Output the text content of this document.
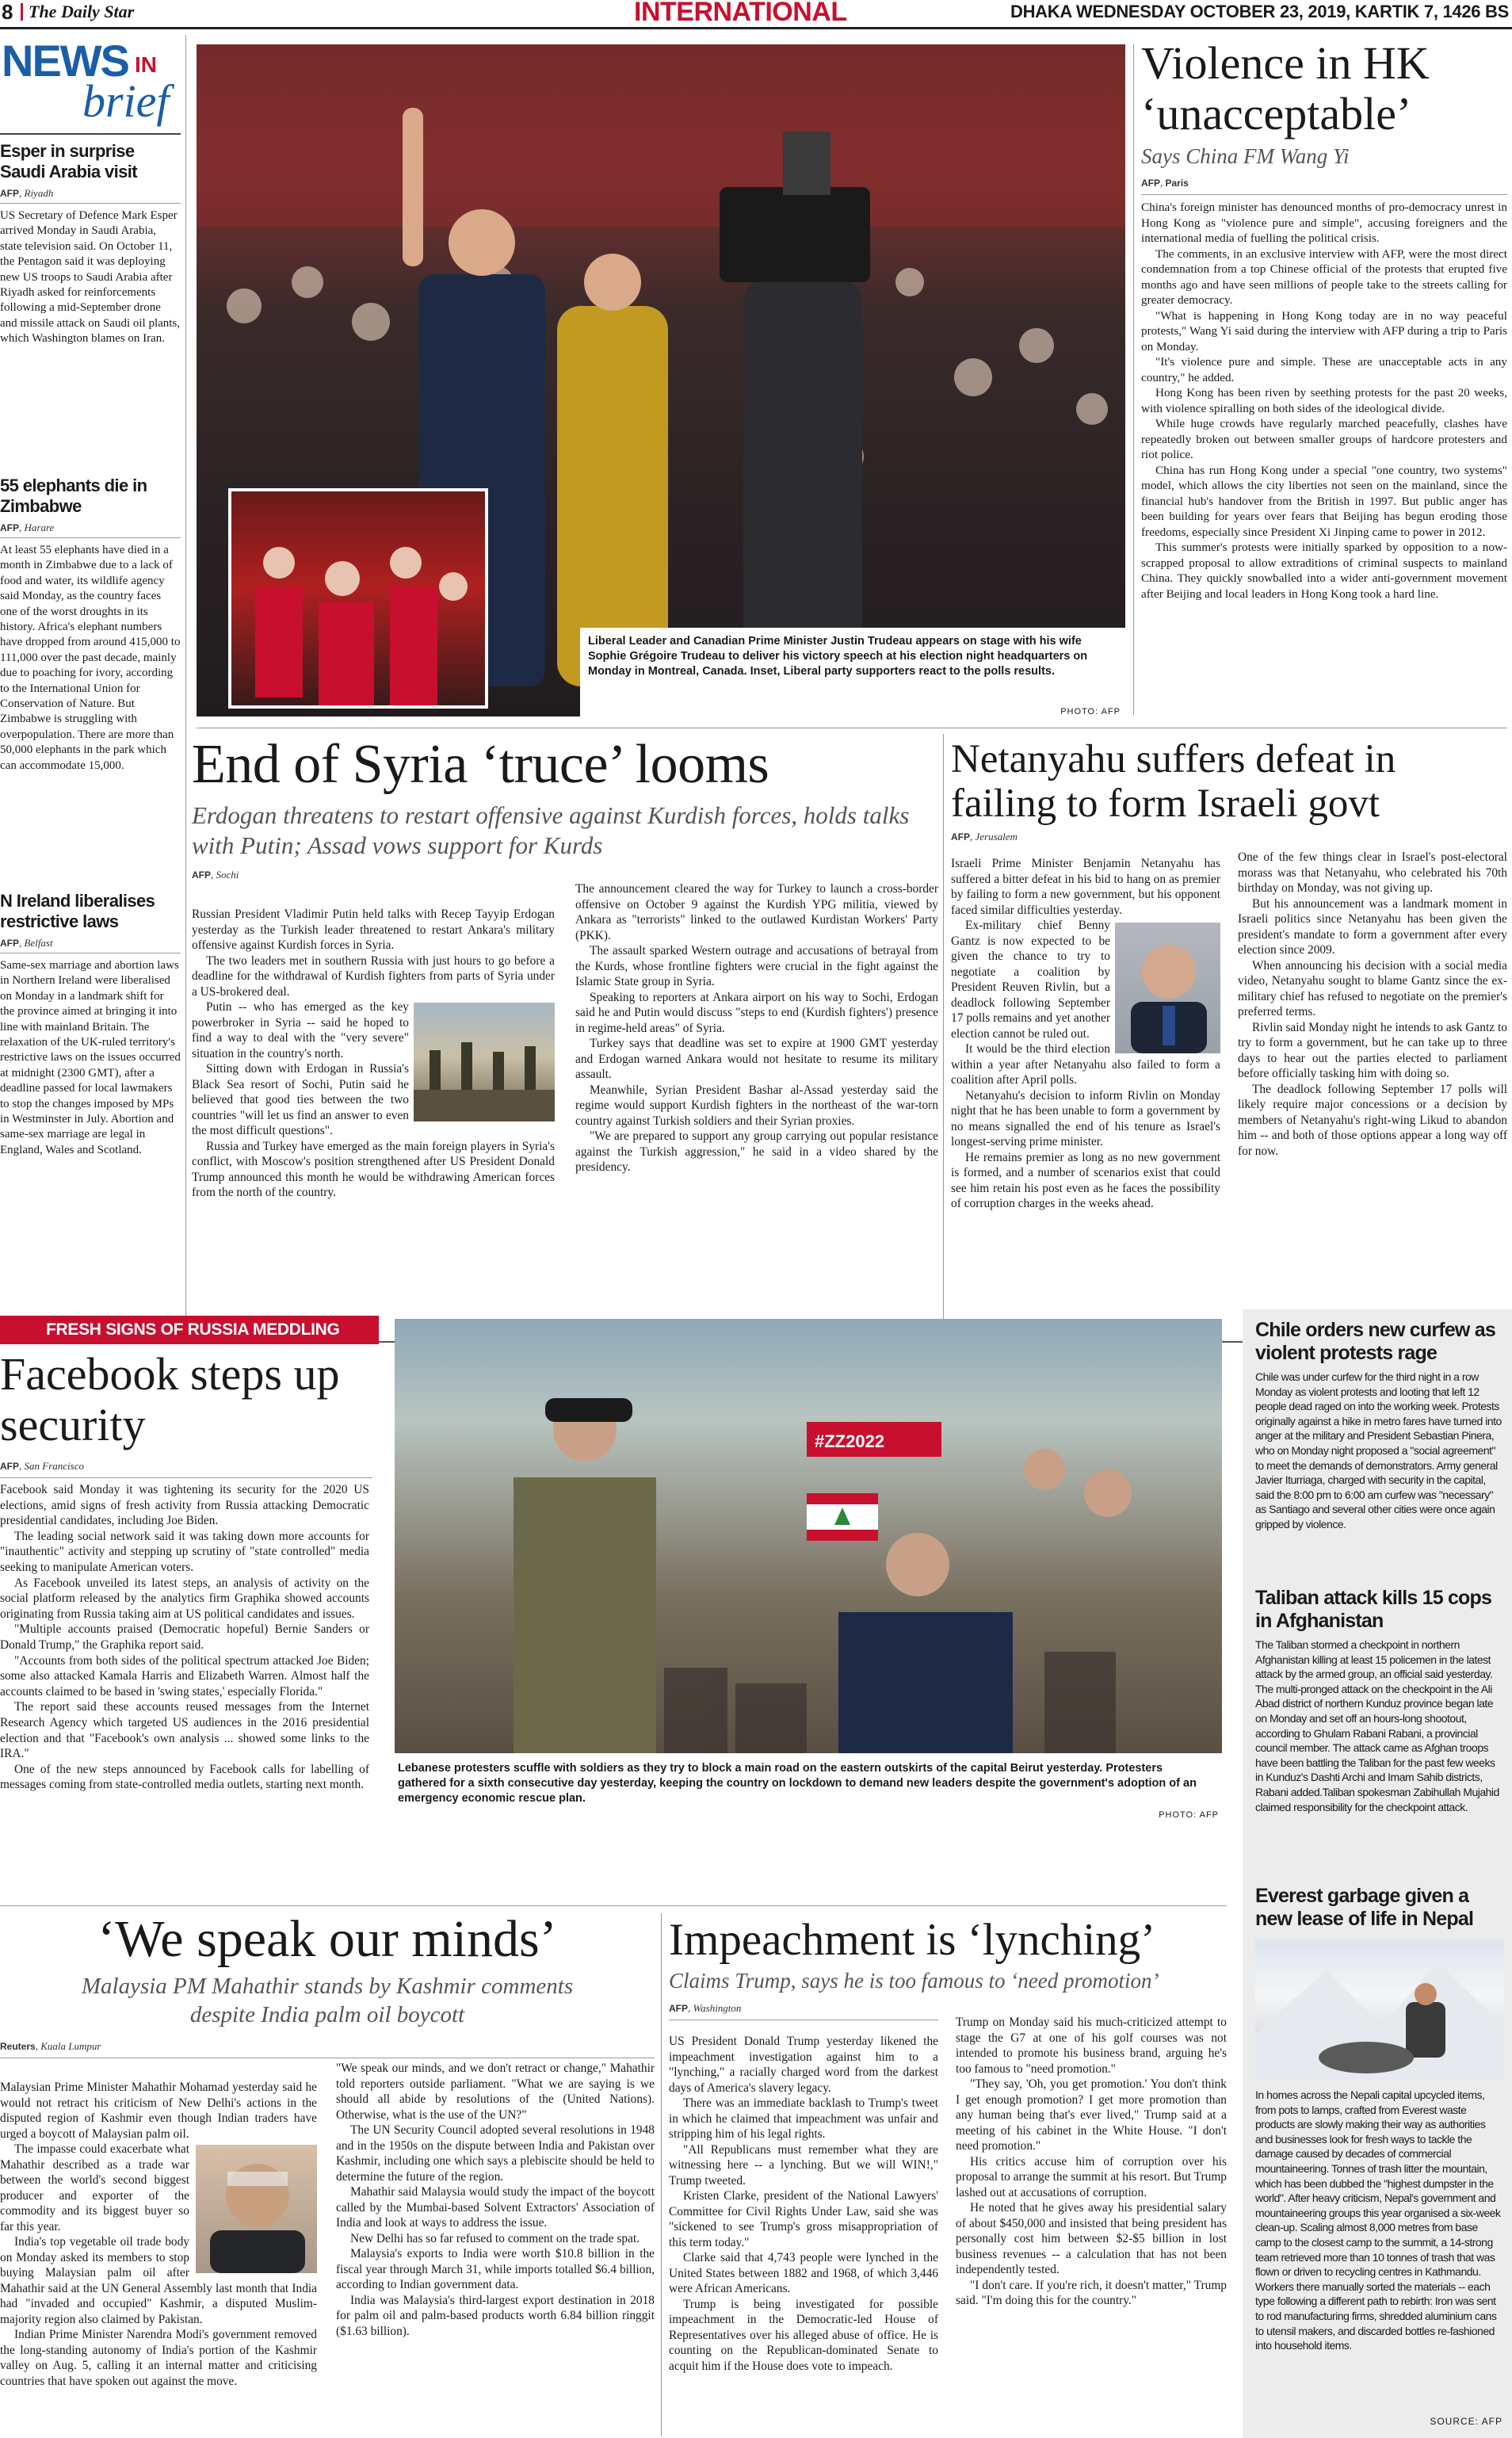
8 The Daily Star	INTERNATIONAL	DHAKA WEDNESDAY OCTOBER 23, 2019, KARTIK 7, 1426 BS
NEWS IN
brief
Esper in surprise Saudi Arabia visit
AFP, Riyadh

US Secretary of Defence Mark Esper arrived Monday in Saudi Arabia, state television said. On October 11, the Pentagon said it was deploying new US troops to Saudi Arabia after Riyadh asked for reinforcements following a mid-September drone and missile attack on Saudi oil plants, which Washington blames on Iran.

55 elephants die in Zimbabwe
AFP, Harare

At least 55 elephants have died in a month in Zimbabwe due to a lack of food and water, its wildlife agency said Monday, as the country faces one of the worst droughts in its history. Africa's elephant numbers have dropped from around 415,000 to 111,000 over the past decade, mainly due to poaching for ivory, according to the International Union for Conservation of Nature. But Zimbabwe is struggling with overpopulation. There are more than 50,000 elephants in the park which can accommodate 15,000.

N Ireland liberalises restrictive laws
AFP, Belfast

Same-sex marriage and abortion laws in Northern Ireland were liberalised on Monday in a landmark shift for the province aimed at bringing it into line with mainland Britain. The relaxation of the UK-ruled territory's restrictive laws on the issues occurred at midnight (2300 GMT), after a deadline passed for local lawmakers to stop the changes imposed by MPs in Westminster in July. Abortion and same-sex marriage are legal in England, Wales and Scotland.

Liberal Leader and Canadian Prime Minister Justin Trudeau appears on stage with his wife Sophie Grégoire Trudeau to deliver his victory speech at his election night headquarters on Monday in Montreal, Canada. Inset, Liberal party supporters react to the polls results.
PHOTO: AFP
Violence in HK ‘unacceptable’
Says China FM Wang Yi
AFP, Paris

China's foreign minister has denounced months of pro-democracy unrest in Hong Kong as "violence pure and simple", accusing foreigners and the international media of fuelling the political crisis.

The comments, in an exclusive interview with AFP, were the most direct condemnation from a top Chinese official of the protests that erupted five months ago and have seen millions of people take to the streets calling for greater democracy.

"What is happening in Hong Kong today are in no way peaceful protests," Wang Yi said during the interview with AFP during a trip to Paris on Monday.

"It's violence pure and simple. These are unacceptable acts in any country," he added.

Hong Kong has been riven by seething protests for the past 20 weeks, with violence spiralling on both sides of the ideological divide.

While huge crowds have regularly marched peacefully, clashes have repeatedly broken out between smaller groups of hardcore protesters and riot police.

China has run Hong Kong under a special "one country, two systems" model, which allows the city liberties not seen on the mainland, since the financial hub's handover from the British in 1997. But public anger has been building for years over fears that Beijing has begun eroding those freedoms, especially since President Xi Jinping came to power in 2012.

This summer's protests were initially sparked by opposition to a now-scrapped proposal to allow extraditions of criminal suspects to mainland China. They quickly snowballed into a wider anti-government movement after Beijing and local leaders in Hong Kong took a hard line.

End of Syria ‘truce’ looms
Erdogan threatens to restart offensive against Kurdish forces, holds talks with Putin; Assad vows support for Kurds
AFP, Sochi

Russian President Vladimir Putin held talks with Recep Tayyip Erdogan yesterday as the Turkish leader threatened to restart Ankara's military offensive against Kurdish forces in Syria.

The two leaders met in southern Russia with just hours to go before a deadline for the withdrawal of Kurdish fighters from parts of Syria under a US-brokered deal.

Putin -- who has emerged as the key powerbroker in Syria -- said he hoped to find a way to deal with the "very severe" situation in the country's north.

Sitting down with Erdogan in Russia's Black Sea resort of Sochi, Putin said he believed that good ties between the two countries "will let us find an answer to even the most difficult questions".

Russia and Turkey have emerged as the main foreign players in Syria's conflict, with Moscow's position strengthened after US President Donald Trump announced this month he would be withdrawing American forces from the north of the country.

The announcement cleared the way for Turkey to launch a cross-border offensive on October 9 against the Kurdish YPG militia, viewed by Ankara as "terrorists" linked to the outlawed Kurdistan Workers' Party (PKK).

The assault sparked Western outrage and accusations of betrayal from the Kurds, whose frontline fighters were crucial in the fight against the Islamic State group in Syria.

Speaking to reporters at Ankara airport on his way to Sochi, Erdogan said he and Putin would discuss "steps to end (Kurdish fighters') presence in regime-held areas" of Syria.

Turkey says that deadline was set to expire at 1900 GMT yesterday and Erdogan warned Ankara would not hesitate to resume its military assault.

Meanwhile, Syrian President Bashar al-Assad yesterday said the regime would support Kurdish fighters in the northeast of the war-torn country against Turkish soldiers and their Syrian proxies.

"We are prepared to support any group carrying out popular resistance against the Turkish aggression," he said in a video shared by the presidency.

Netanyahu suffers defeat in failing to form Israeli govt
AFP, Jerusalem

Israeli Prime Minister Benjamin Netanyahu has suffered a bitter defeat in his bid to hang on as premier by failing to form a new government, but his opponent faced similar difficulties yesterday.

Ex-military chief Benny Gantz is now expected to be given the chance to try to negotiate a coalition by President Reuven Rivlin, but a deadlock following September 17 polls remains and yet another election cannot be ruled out.

It would be the third election within a year after Netanyahu also failed to form a coalition after April polls.

Netanyahu's decision to inform Rivlin on Monday night that he has been unable to form a government by no means signalled the end of his tenure as Israel's longest-serving prime minister.

He remains premier as long as no new government is formed, and a number of scenarios exist that could see him retain his post even as he faces the possibility of corruption charges in the weeks ahead.

One of the few things clear in Israel's post-electoral morass was that Netanyahu, who celebrated his 70th birthday on Monday, was not giving up.

But his announcement was a landmark moment in Israeli politics since Netanyahu has been given the president's mandate to form a government after every election since 2009.

When announcing his decision with a social media video, Netanyahu sought to blame Gantz since the ex-military chief has refused to negotiate on the premier's preferred terms.

Rivlin said Monday night he intends to ask Gantz to try to form a government, but he can take up to three days to hear out the parties elected to parliament before officially tasking him with doing so.

The deadlock following September 17 polls will likely require major concessions or a decision by members of Netanyahu's right-wing Likud to abandon him -- and both of those options appear a long way off for now.

FRESH SIGNS OF RUSSIA MEDDLING
Facebook steps up security
AFP, San Francisco

Facebook said Monday it was tightening its security for the 2020 US elections, amid signs of fresh activity from Russia attacking Democratic presidential candidates, including Joe Biden.

The leading social network said it was taking down more accounts for "inauthentic" activity and stepping up scrutiny of "state controlled" media seeking to manipulate American voters.

As Facebook unveiled its latest steps, an analysis of activity on the social platform released by the analytics firm Graphika showed accounts originating from Russia taking aim at US political candidates and issues.

"Multiple accounts praised (Democratic hopeful) Bernie Sanders or Donald Trump," the Graphika report said.

"Accounts from both sides of the political spectrum attacked Joe Biden; some also attacked Kamala Harris and Elizabeth Warren. Almost half the accounts claimed to be based in 'swing states,' especially Florida."

The report said these accounts reused messages from the Internet Research Agency which targeted US audiences in the 2016 presidential election and that "Facebook's own analysis ... showed some links to the IRA."

One of the new steps announced by Facebook calls for labelling of messages coming from state-controlled media outlets, starting next month.

#ZZ2022
Lebanese protesters scuffle with soldiers as they try to block a main road on the eastern outskirts of the capital Beirut yesterday. Protesters gathered for a sixth consecutive day yesterday, keeping the country on lockdown to demand new leaders despite the government's adoption of an emergency economic rescue plan.
PHOTO: AFP
Chile orders new curfew as violent protests rage

Chile was under curfew for the third night in a row Monday as violent protests and looting that left 12 people dead raged on into the working week. Protests originally against a hike in metro fares have turned into anger at the military and President Sebastian Pinera, who on Monday night proposed a "social agreement" to meet the demands of demonstrators. Army general Javier Iturriaga, charged with security in the capital, said the 8:00 pm to 6:00 am curfew was "necessary" as Santiago and several other cities were once again gripped by violence.

Taliban attack kills 15 cops in Afghanistan

The Taliban stormed a checkpoint in northern Afghanistan killing at least 15 policemen in the latest attack by the armed group, an official said yesterday. The multi-pronged attack on the checkpoint in the Ali Abad district of northern Kunduz province began late on Monday and set off an hours-long shootout, according to Ghulam Rabani Rabani, a provincial council member. The attack came as Afghan troops have been battling the Taliban for the past few weeks in Kunduz's Dashti Archi and Imam Sahib districts, Rabani added.Taliban spokesman Zabihullah Mujahid claimed responsibility for the checkpoint attack.

Everest garbage given a new lease of life in Nepal

In homes across the Nepali capital upcycled items, from pots to lamps, crafted from Everest waste products are slowly making their way as authorities and businesses look for fresh ways to tackle the damage caused by decades of commercial mountaineering. Tonnes of trash litter the mountain, which has been dubbed the "highest dumpster in the world". After heavy criticism, Nepal's government and mountaineering groups this year organised a six-week clean-up. Scaling almost 8,000 metres from base camp to the closest camp to the summit, a 14-strong team retrieved more than 10 tonnes of trash that was flown or driven to recycling centres in Kathmandu. Workers there manually sorted the materials -- each type following a different path to rebirth: Iron was sent to rod manufacturing firms, shredded aluminium cans to utensil makers, and discarded bottles re-fashioned into household items.

SOURCE: AFP
‘We speak our minds’
Malaysia PM Mahathir stands by Kashmir comments despite India palm oil boycott
Reuters, Kuala Lumpur

Malaysian Prime Minister Mahathir Mohamad yesterday said he would not retract his criticism of New Delhi's actions in the disputed region of Kashmir even though Indian traders have urged a boycott of Malaysian palm oil.

The impasse could exacerbate what Mahathir described as a trade war between the world's second biggest producer and exporter of the commodity and its biggest buyer so far this year.

India's top vegetable oil trade body on Monday asked its members to stop buying Malaysian palm oil after Mahathir said at the UN General Assembly last month that India had "invaded and occupied" Kashmir, a disputed Muslim-majority region also claimed by Pakistan.

Indian Prime Minister Narendra Modi's government removed the long-standing autonomy of India's portion of the Kashmir valley on Aug. 5, calling it an internal matter and criticising countries that have spoken out against the move.

"We speak our minds, and we don't retract or change," Mahathir told reporters outside parliament. "What we are saying is we should all abide by resolutions of the (United Nations). Otherwise, what is the use of the UN?"

The UN Security Council adopted several resolutions in 1948 and in the 1950s on the dispute between India and Pakistan over Kashmir, including one which says a plebiscite should be held to determine the future of the region.

Mahathir said Malaysia would study the impact of the boycott called by the Mumbai-based Solvent Extractors' Association of India and look at ways to address the issue.

New Delhi has so far refused to comment on the trade spat.

Malaysia's exports to India were worth $10.8 billion in the fiscal year through March 31, while imports totalled $6.4 billion, according to Indian government data.

India was Malaysia's third-largest export destination in 2018 for palm oil and palm-based products worth 6.84 billion ringgit ($1.63 billion).

Impeachment is ‘lynching’
Claims Trump, says he is too famous to ‘need promotion’
AFP, Washington

US President Donald Trump yesterday likened the impeachment investigation against him to a "lynching," a racially charged word from the darkest days of America's slavery legacy.

There was an immediate backlash to Trump's tweet in which he claimed that impeachment was unfair and stripping him of his legal rights.

"All Republicans must remember what they are witnessing here -- a lynching. But we will WIN!," Trump tweeted.

Kristen Clarke, president of the National Lawyers' Committee for Civil Rights Under Law, said she was "sickened to see Trump's gross misappropriation of this term today."

Clarke said that 4,743 people were lynched in the United States between 1882 and 1968, of which 3,446 were African Americans.

Trump is being investigated for possible impeachment in the Democratic-led House of Representatives over his alleged abuse of office. He is counting on the Republican-dominated Senate to acquit him if the House does vote to impeach.

Trump on Monday said his much-criticized attempt to stage the G7 at one of his golf courses was not intended to promote his business brand, arguing he's too famous to "need promotion."

"They say, 'Oh, you get promotion.' You don't think I get enough promotion? I get more promotion than any human being that's ever lived," Trump said at a meeting of his cabinet in the White House. "I don't need promotion."

His critics accuse him of corruption over his proposal to arrange the summit at his resort. But Trump lashed out at accusations of corruption.

He noted that he gives away his presidential salary of about $450,000 and insisted that being president has personally cost him between $2-$5 billion in lost business revenues -- a calculation that has not been independently tested.

"I don't care. If you're rich, it doesn't matter," Trump said. "I'm doing this for the country."
